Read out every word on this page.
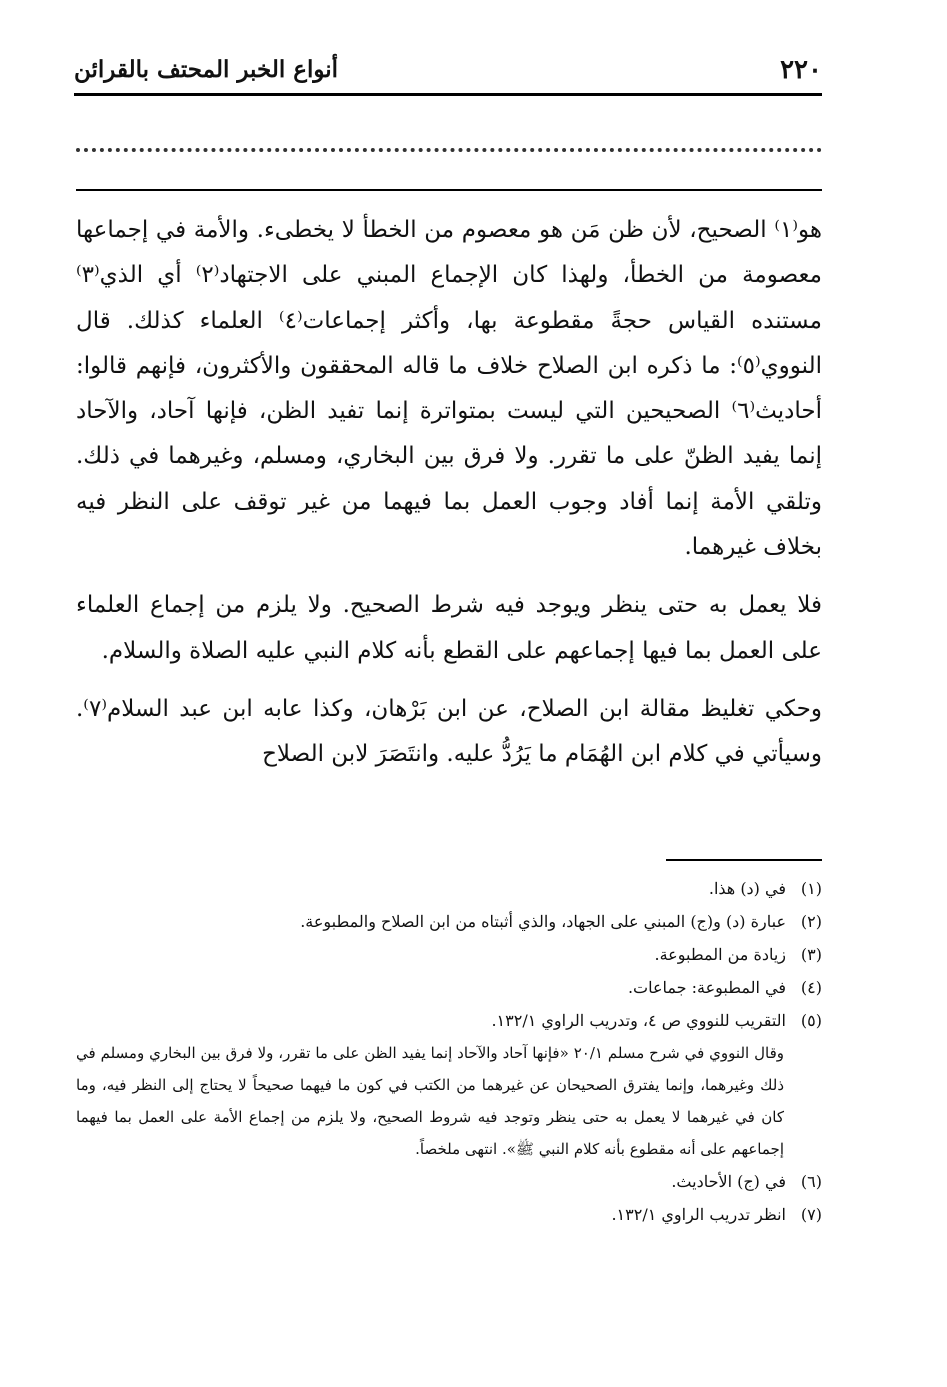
٢٢٠
أنواع الخبر المحتف بالقرائن

هو⁽١⁾ الصحيح، لأن ظن مَن هو معصوم من الخطأ لا يخطىء. والأمة في إجماعها معصومة من الخطأ، ولهذا كان الإجماع المبني على الاجتهاد⁽٢⁾ أي الذي⁽٣⁾ مستنده القياس حجةً مقطوعة بها، وأكثر إجماعات⁽٤⁾ العلماء كذلك. قال النووي⁽٥⁾: ما ذكره ابن الصلاح خلاف ما قاله المحققون والأكثرون، فإنهم قالوا: أحاديث⁽٦⁾ الصحيحين التي ليست بمتواترة إنما تفيد الظن، فإنها آحاد، والآحاد إنما يفيد الظنّ على ما تقرر. ولا فرق بين البخاري، ومسلم، وغيرهما في ذلك. وتلقي الأمة إنما أفاد وجوب العمل بما فيهما من غير توقف على النظر فيه بخلاف غيرهما.

فلا يعمل به حتى ينظر ويوجد فيه شرط الصحيح. ولا يلزم من إجماع العلماء على العمل بما فيها إجماعهم على القطع بأنه كلام النبي عليه الصلاة والسلام.

وحكي تغليظ مقالة ابن الصلاح، عن ابن بَرْهان، وكذا عابه ابن عبد السلام⁽٧⁾. وسيأتي في كلام ابن الهُمَام ما يَرُدُّ عليه. وانتَصَرَ لابن الصلاح

(١)في (د) هذا.

(٢)عبارة (د) و(ج) المبني على الجهاد، والذي أثبتاه من ابن الصلاح والمطبوعة.

(٣)زيادة من المطبوعة.

(٤)في المطبوعة: جماعات.

(٥)التقريب للنووي ص ٤، وتدريب الراوي ١٣٢/١.

وقال النووي في شرح مسلم ٢٠/١ «فإنها آحاد والآحاد إنما يفيد الظن على ما تقرر، ولا فرق بين البخاري ومسلم في ذلك وغيرهما، وإنما يفترق الصحيحان عن غيرهما من الكتب في كون ما فيهما صحيحاً لا يحتاج إلى النظر فيه، وما كان في غيرهما لا يعمل به حتى ينظر وتوجد فيه شروط الصحيح، ولا يلزم من إجماع الأمة على العمل بما فيهما إجماعهم على أنه مقطوع بأنه كلام النبي ﷺ». انتهى ملخصاً.

(٦)في (ج) الأحاديث.

(٧)انظر تدريب الراوي ١٣٢/١.
